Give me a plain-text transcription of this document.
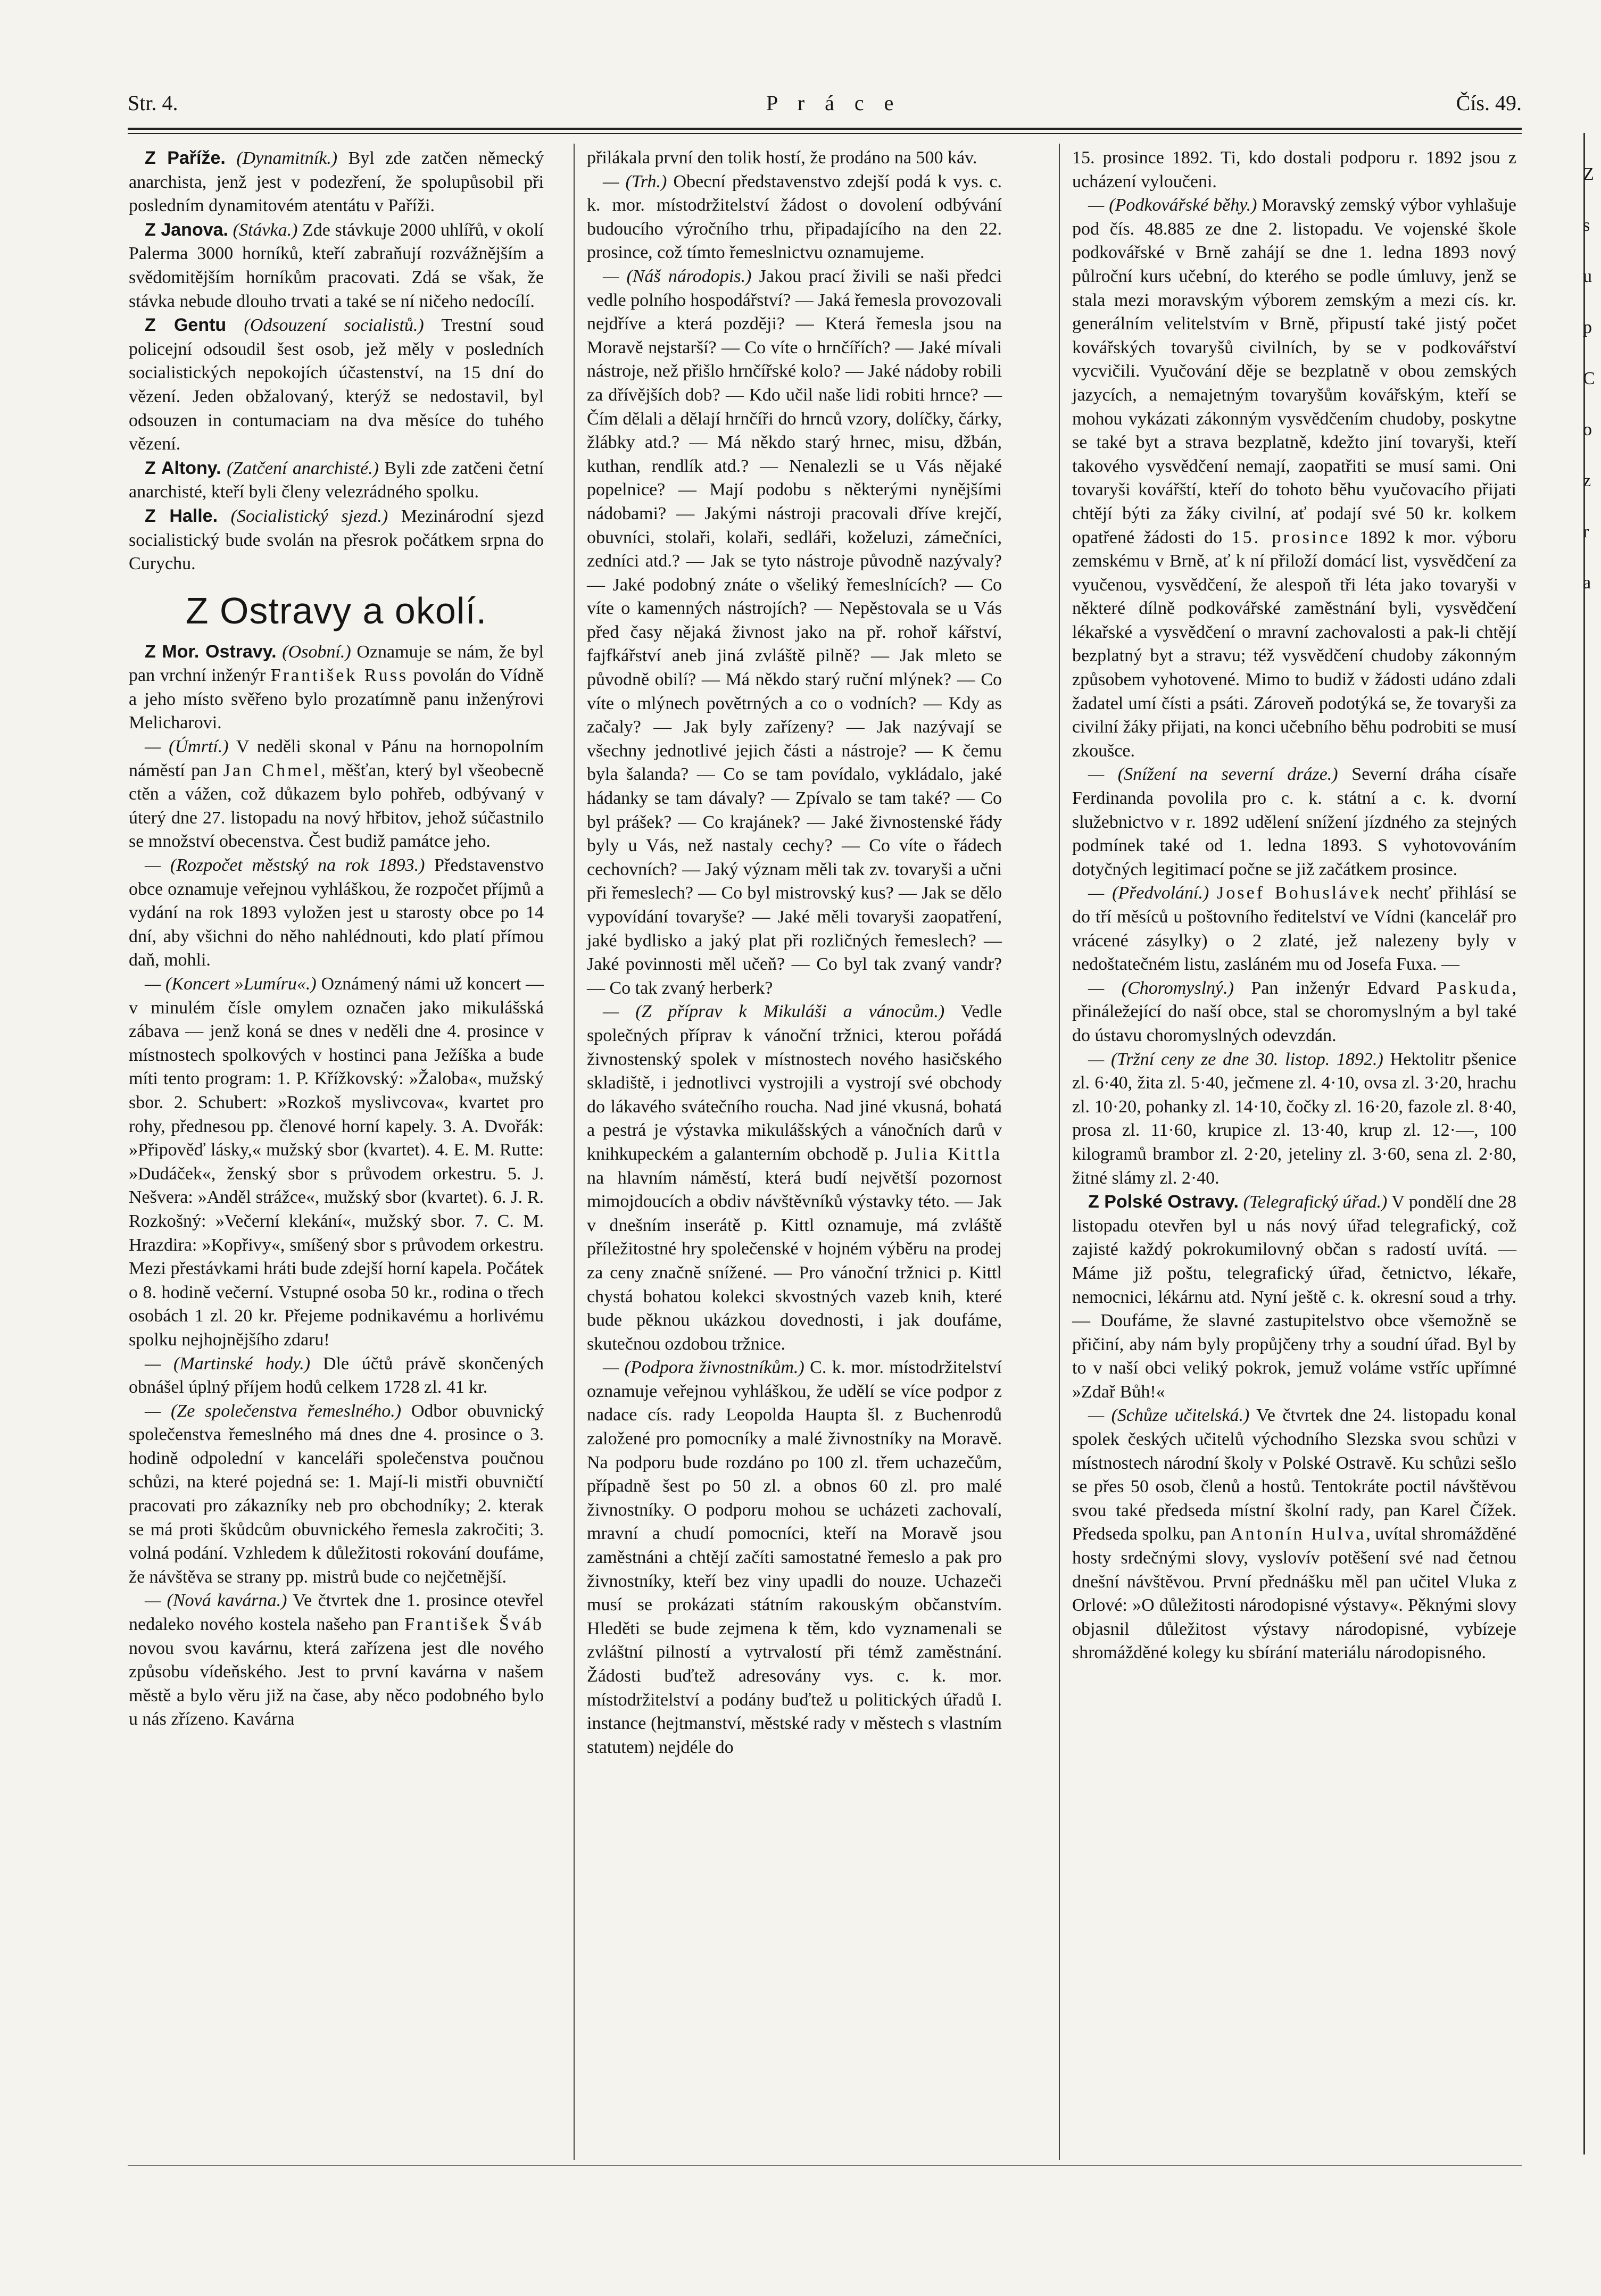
Str. 4.	P r á c e	Čís. 49.

Z Paříže. (Dynamitník.) Byl zde zatčen německý anarchista, jenž jest v podezření, že spolupůsobil při posledním dynamitovém atentátu v Paříži.

Z Janova. (Stávka.) Zde stávkuje 2000 uhlířů, v okolí Palerma 3000 horníků, kteří zabraňují rozvážnějším a svědomitějším horníkům pracovati. Zdá se však, že stávka nebude dlouho trvati a také se ní ničeho nedocílí.

Z Gentu (Odsouzení socialistů.) Trestní soud policejní odsoudil šest osob, jež měly v posledních socialistických nepokojích účastenství, na 15 dní do vězení. Jeden obžalovaný, kterýž se nedostavil, byl odsouzen in contumaciam na dva měsíce do tuhého vězení.

Z Altony. (Zatčení anarchisté.) Byli zde zatčeni četní anarchisté, kteří byli členy velezrádného spolku.

Z Halle. (Socialistický sjezd.) Mezinárodní sjezd socialistický bude svolán na přesrok počátkem srpna do Curychu.

Z Ostravy a okolí.

Z Mor. Ostravy. (Osobní.) Oznamuje se nám, že byl pan vrchní inženýr František Russ povolán do Vídně a jeho místo svěřeno bylo prozatímně panu inženýrovi Melicharovi.

— (Úmrtí.) V neděli skonal v Pánu na hornopolním náměstí pan Jan Chmel, měšťan, který byl všeobecně ctěn a vážen, což důkazem bylo pohřeb, odbývaný v úterý dne 27. listopadu na nový hřbitov, jehož súčastnilo se množství obecenstva. Čest budiž památce jeho.

— (Rozpočet městský na rok 1893.) Představenstvo obce oznamuje veřejnou vyhláškou, že rozpočet příjmů a vydání na rok 1893 vyložen jest u starosty obce po 14 dní, aby všichni do něho nahlédnouti, kdo platí přímou daň, mohli.

— (Koncert »Lumíru«.) Oznámený námi už koncert — v minulém čísle omylem označen jako mikulášská zábava — jenž koná se dnes v neděli dne 4. prosince v místnostech spolkových v hostinci pana Ježíška a bude míti tento program: 1. P. Křížkovský: »Žaloba«, mužský sbor. 2. Schubert: »Rozkoš myslivcova«, kvartet pro rohy, přednesou pp. členové horní kapely. 3. A. Dvořák: »Připověď lásky,« mužský sbor (kvartet). 4. E. M. Rutte: »Dudáček«, ženský sbor s průvodem orkestru. 5. J. Nešvera: »Anděl strážce«, mužský sbor (kvartet). 6. J. R. Rozkošný: »Večerní klekání«, mužský sbor. 7. C. M. Hrazdira: »Kopřivy«, smíšený sbor s průvodem orkestru. Mezi přestávkami hráti bude zdejší horní kapela. Počátek o 8. hodině večerní. Vstupné osoba 50 kr., rodina o třech osobách 1 zl. 20 kr. Přejeme podnikavému a horlivému spolku nejhojnějšího zdaru!

— (Martinské hody.) Dle účtů právě skončených obnášel úplný příjem hodů celkem 1728 zl. 41 kr.

— (Ze společenstva řemeslného.) Odbor obuvnický společenstva řemeslného má dnes dne 4. prosince o 3. hodině odpolední v kanceláři společenstva poučnou schůzi, na které pojedná se: 1. Mají-li mistři obuvničtí pracovati pro zákazníky neb pro obchodníky; 2. kterak se má proti škůdcům obuvnického řemesla zakročiti; 3. volná podání. Vzhledem k důležitosti rokování doufáme, že návštěva se strany pp. mistrů bude co nejčetnější.

— (Nová kavárna.) Ve čtvrtek dne 1. prosince otevřel nedaleko nového kostela našeho pan František Šváb novou svou kavárnu, která zařízena jest dle nového způsobu vídeňského. Jest to první kavárna v našem městě a bylo věru již na čase, aby něco podobného bylo u nás zřízeno. Kavárna

přilákala první den tolik hostí, že prodáno na 500 káv.

— (Trh.) Obecní představenstvo zdejší podá k vys. c. k. mor. místodržitelství žádost o dovolení odbývání budoucího výročního trhu, připadajícího na den 22. prosince, což tímto řemeslnictvu oznamujeme.

— (Náš národopis.) Jakou prací živili se naši předci vedle polního hospodářství? — Jaká řemesla provozovali nejdříve a která později? — Která řemesla jsou na Moravě nejstarší? — Co víte o hrnčířích? — Jaké mívali nástroje, než přišlo hrnčířské kolo? — Jaké nádoby robili za dřívějších dob? — Kdo učil naše lidi robiti hrnce? — Čím dělali a dělají hrnčíři do hrnců vzory, dolíčky, čárky, žlábky atd.? — Má někdo starý hrnec, misu, džbán, kuthan, rendlík atd.? — Nenalezli se u Vás nějaké popelnice? — Mají podobu s některými nynějšími nádobami? — Jakými nástroji pracovali dříve krejčí, obuvníci, stolaři, kolaři, sedláři, koželuzi, zámečníci, zedníci atd.? — Jak se tyto nástroje původně nazývaly? — Jaké podobný znáte o všeliký řemeslnících? — Co víte o kamenných nástrojích? — Nepěstovala se u Vás před časy nějaká živnost jako na př. rohoř kářství, fajfkářství aneb jiná zvláště pilně? — Jak mleto se původně obilí? — Má někdo starý ruční mlýnek? — Co víte o mlýnech povětrných a co o vodních? — Kdy as začaly? — Jak byly zařízeny? — Jak nazývají se všechny jednotlivé jejich části a nástroje? — K čemu byla šalanda? — Co se tam povídalo, vykládalo, jaké hádanky se tam dávaly? — Zpívalo se tam také? — Co byl prášek? — Co krajánek? — Jaké živnostenské řády byly u Vás, než nastaly cechy? — Co víte o řádech cechovních? — Jaký význam měli tak zv. tovaryši a učni při řemeslech? — Co byl mistrovský kus? — Jak se dělo vypovídání tovaryše? — Jaké měli tovaryši zaopatření, jaké bydlisko a jaký plat při rozličných řemeslech? — Jaké povinnosti měl učeň? — Co byl tak zvaný vandr? — Co tak zvaný herberk?

— (Z příprav k Mikuláši a vánocům.) Vedle společných příprav k vánoční tržnici, kterou pořádá živnostenský spolek v místnostech nového hasičského skladiště, i jednotlivci vystrojili a vystrojí své obchody do lákavého svátečního roucha. Nad jiné vkusná, bohatá a pestrá je výstavka mikulášských a vánočních darů v knihkupeckém a galanterním obchodě p. Julia Kittla na hlavním náměstí, která budí největší pozornost mimojdoucích a obdiv návštěvníků výstavky této. — Jak v dnešním inserátě p. Kittl oznamuje, má zvláště příležitostné hry společenské v hojném výběru na prodej za ceny značně snížené. — Pro vánoční tržnici p. Kittl chystá bohatou kolekci skvostných vazeb knih, které bude pěknou ukázkou dovednosti, i jak doufáme, skutečnou ozdobou tržnice.

— (Podpora živnostníkům.) C. k. mor. místodržitelství oznamuje veřejnou vyhláškou, že udělí se více podpor z nadace cís. rady Leopolda Haupta šl. z Buchenrodů založené pro pomocníky a malé živnostníky na Moravě. Na podporu bude rozdáno po 100 zl. třem uchazečům, případně šest po 50 zl. a obnos 60 zl. pro malé živnostníky. O podporu mohou se ucházeti zachovalí, mravní a chudí pomocníci, kteří na Moravě jsou zaměstnáni a chtějí začíti samostatné řemeslo a pak pro živnostníky, kteří bez viny upadli do nouze. Uchazeči musí se prokázati státním rakouským občanstvím. Hleděti se bude zejmena k těm, kdo vyznamenali se zvláštní pilností a vytrvalostí při témž zaměstnání. Žádosti buďtež adresovány vys. c. k. mor. místodržitelství a podány buďtež u politických úřadů I. instance (hejtmanství, městské rady v městech s vlastním statutem) nejdéle do

15. prosince 1892. Ti, kdo dostali podporu r. 1892 jsou z ucházení vyloučeni.

— (Podkovářské běhy.) Moravský zemský výbor vyhlašuje pod čís. 48.885 ze dne 2. listopadu. Ve vojenské škole podkovářské v Brně zahájí se dne 1. ledna 1893 nový půlroční kurs učební, do kterého se podle úmluvy, jenž se stala mezi moravským výborem zemským a mezi cís. kr. generálním velitelstvím v Brně, připustí také jistý počet kovářských tovaryšů civilních, by se v podkovářství vycvičili. Vyučování děje se bezplatně v obou zemských jazycích, a nemajetným tovaryšům kovářským, kteří se mohou vykázati zákonným vysvědčením chudoby, poskytne se také byt a strava bezplatně, kdežto jiní tovaryši, kteří takového vysvědčení nemají, zaopatřiti se musí sami. Oni tovaryši kovářští, kteří do tohoto běhu vyučovacího přijati chtějí býti za žáky civilní, ať podají své 50 kr. kolkem opatřené žádosti do 15. prosince 1892 k mor. výboru zemskému v Brně, ať k ní přiloží domácí list, vysvědčení za vyučenou, vysvědčení, že alespoň tři léta jako tovaryši v některé dílně podkovářské zaměstnání byli, vysvědčení lékařské a vysvědčení o mravní zachovalosti a pak-li chtějí bezplatný byt a stravu; též vysvědčení chudoby zákonným způsobem vyhotovené. Mimo to budiž v žádosti udáno zdali žadatel umí čísti a psáti. Zároveň podotýká se, že tovaryši za civilní žáky přijati, na konci učebního běhu podrobiti se musí zkoušce.

— (Snížení na severní dráze.) Severní dráha císaře Ferdinanda povolila pro c. k. státní a c. k. dvorní služebnictvo v r. 1892 udělení snížení jízdného za stejných podmínek také od 1. ledna 1893. S vyhotovováním dotyčných legitimací počne se již začátkem prosince.

— (Předvolání.) Josef Bohuslávek nechť přihlásí se do tří měsíců u poštovního ředitelství ve Vídni (kancelář pro vrácené zásylky) o 2 zlaté, jež nalezeny byly v nedoštatečném listu, zasláném mu od Josefa Fuxa. —

— (Choromyslný.) Pan inženýr Edvard Paskuda, přináležející do naší obce, stal se choromyslným a byl také do ústavu choromyslných odevzdán.

— (Tržní ceny ze dne 30. listop. 1892.) Hektolitr pšenice zl. 6·40, žita zl. 5·40, ječmene zl. 4·10, ovsa zl. 3·20, hrachu zl. 10·20, pohanky zl. 14·10, čočky zl. 16·20, fazole zl. 8·40, prosa zl. 11·60, krupice zl. 13·40, krup zl. 12·—, 100 kilogramů brambor zl. 2·20, jeteliny zl. 3·60, sena zl. 2·80, žitné slámy zl. 2·40.

Z Polské Ostravy. (Telegrafický úřad.) V pondělí dne 28 listopadu otevřen byl u nás nový úřad telegrafický, což zajisté každý pokrokumilovný občan s radostí uvítá. — Máme již poštu, telegrafický úřad, četnictvo, lékaře, nemocnici, lékárnu atd. Nyní ještě c. k. okresní soud a trhy. — Doufáme, že slavné zastupitelstvo obce všemožně se přičiní, aby nám byly propůjčeny trhy a soudní úřad. Byl by to v naší obci veliký pokrok, jemuž voláme vstříc upřímné »Zdař Bůh!«

— (Schůze učitelská.) Ve čtvrtek dne 24. listopadu konal spolek českých učitelů východního Slezska svou schůzi v místnostech národní školy v Polské Ostravě. Ku schůzi sešlo se přes 50 osob, členů a hostů. Tentokráte poctil návštěvou svou také předseda místní školní rady, pan Karel Čížek. Předseda spolku, pan Antonín Hulva, uvítal shromážděné hosty srdečnými slovy, vyslovív potěšení své nad četnou dnešní návštěvou. První přednášku měl pan učitel Vluka z Orlové: »O důležitosti národopisné výstavy«. Pěknými slovy objasnil důležitost výstavy národopisné, vybízeje shromážděné kolegy ku sbírání materiálu národopisného.

Z
s
u
p
C
o
z
r
a
